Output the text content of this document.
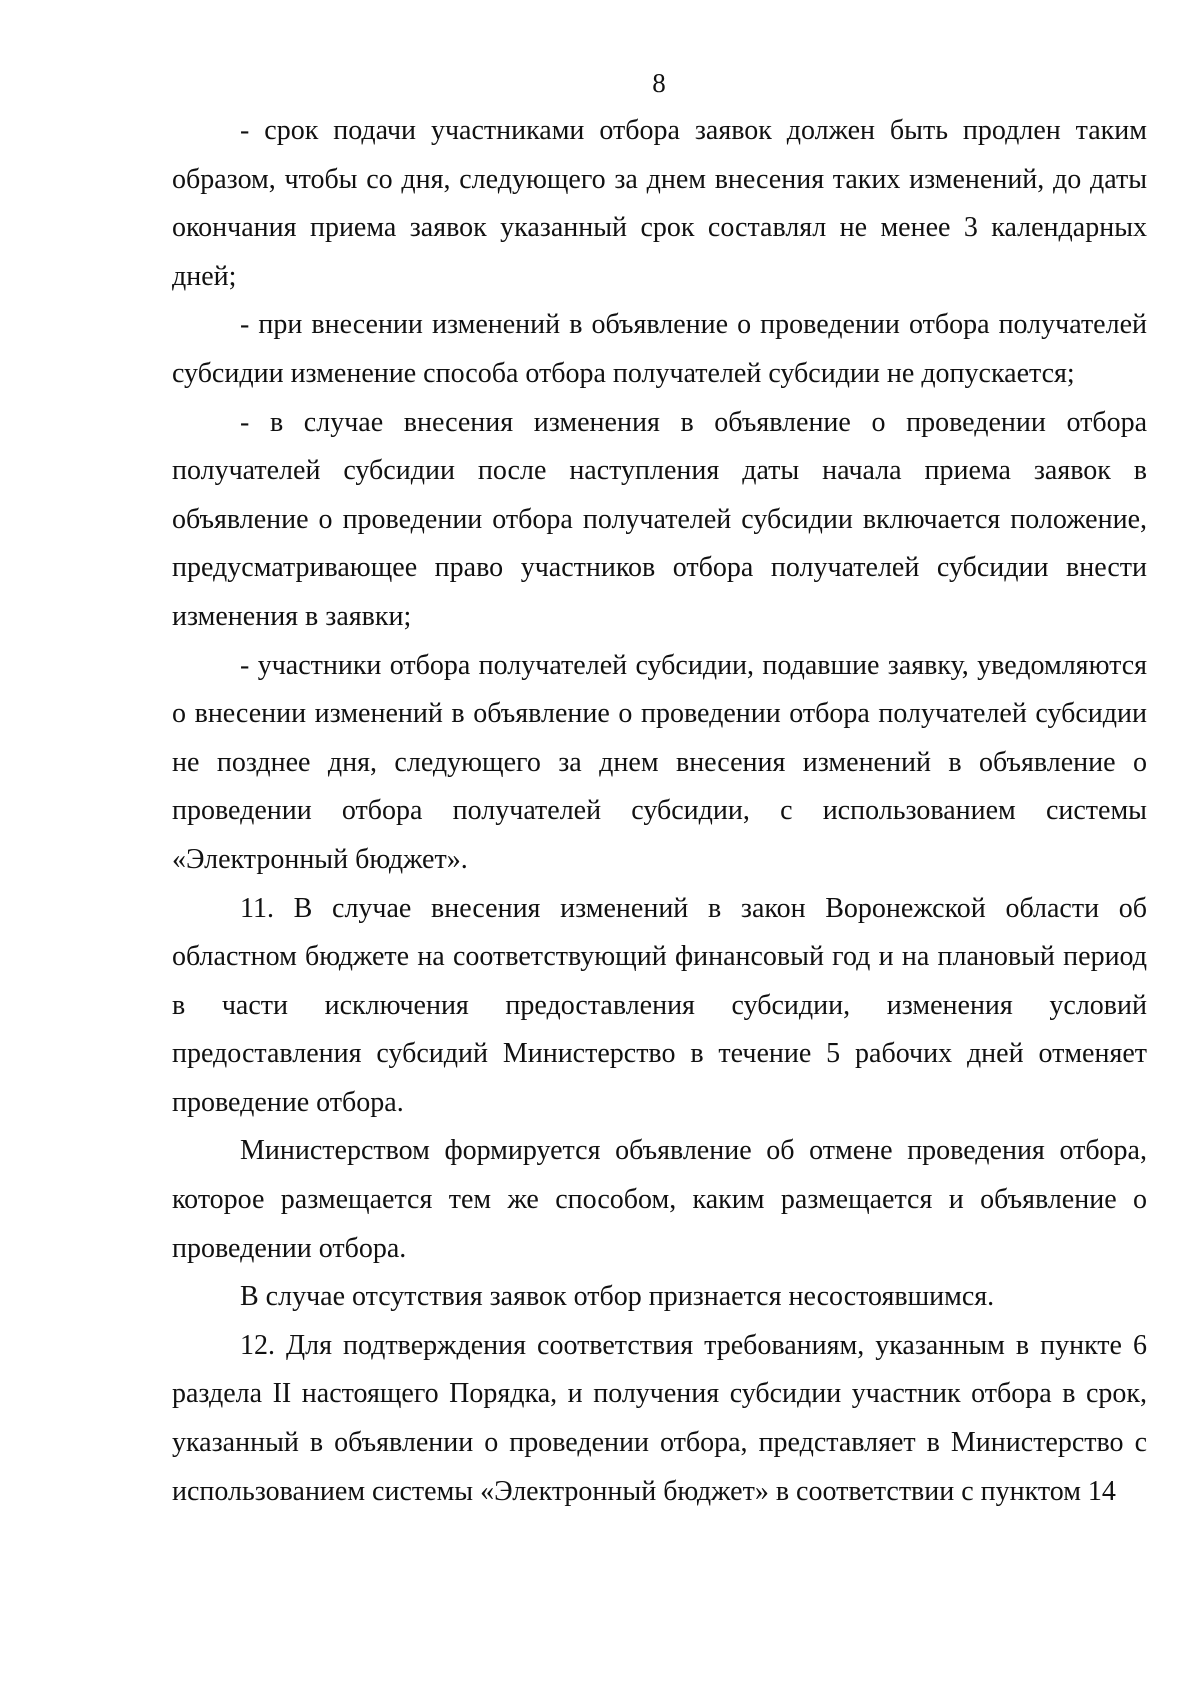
8

- срок подачи участниками отбора заявок должен быть продлен таким образом, чтобы со дня, следующего за днем внесения таких изменений, до даты окончания приема заявок указанный срок составлял не менее 3 календарных дней;

- при внесении изменений в объявление о проведении отбора получателей субсидии изменение способа отбора получателей субсидии не допускается;

- в случае внесения изменения в объявление о проведении отбора получателей субсидии после наступления даты начала приема заявок в объявление о проведении отбора получателей субсидии включается положение, предусматривающее право участников отбора получателей субсидии внести изменения в заявки;

- участники отбора получателей субсидии, подавшие заявку, уведомляются о внесении изменений в объявление о проведении отбора получателей субсидии не позднее дня, следующего за днем внесения изменений в объявление о проведении отбора получателей субсидии, с использованием системы «Электронный бюджет».

11. В случае внесения изменений в закон Воронежской области об областном бюджете на соответствующий финансовый год и на плановый период в части исключения предоставления субсидии, изменения условий предоставления субсидий Министерство в течение 5 рабочих дней отменяет проведение отбора.

Министерством формируется объявление об отмене проведения отбора, которое размещается тем же способом, каким размещается и объявление о проведении отбора.

В случае отсутствия заявок отбор признается несостоявшимся.

12. Для подтверждения соответствия требованиям, указанным в пункте 6 раздела II настоящего Порядка, и получения субсидии участник отбора в срок, указанный в объявлении о проведении отбора, представляет в Министерство с использованием системы «Электронный бюджет» в соответствии с пунктом 14
